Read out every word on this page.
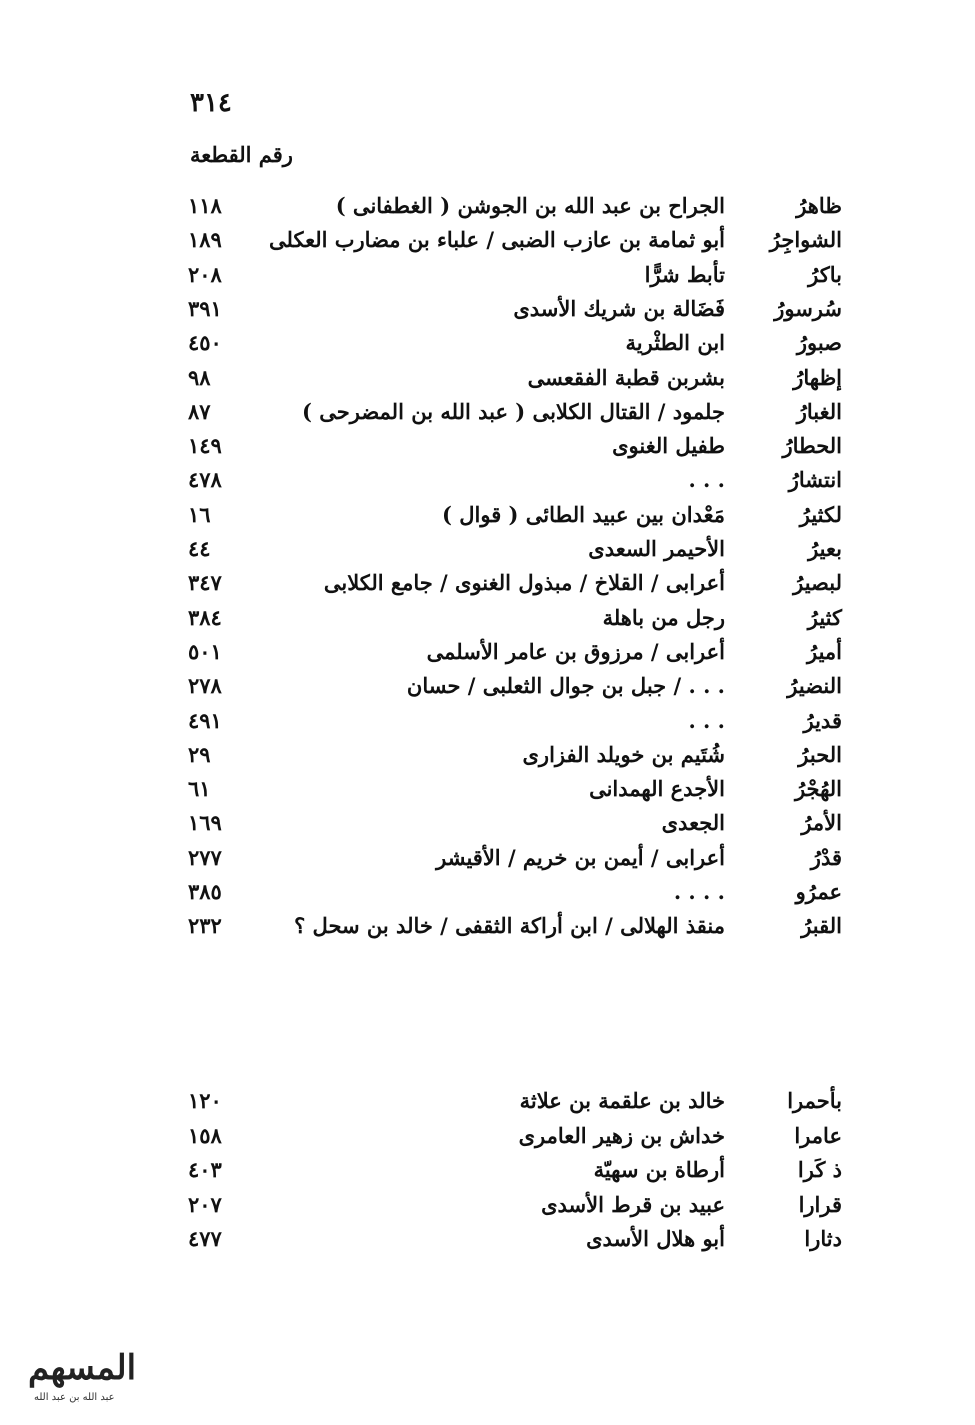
٣١٤
رقم القطعة
١١٨	الجراح بن عبد الله بن الجوشن ( الغطفانى )	ظاهرُ
١٨٩	أبو ثمامة بن عازب الضبى / علباء بن مضارب العكلى	الشواجِرُ
٢٠٨	تأبط شرًّا	باكرُ
٣٩١	فَضَالة بن شريك الأسدى	سُرسورُ
٤٥٠	ابن الطثْرية	صبورُ
٩٨	بشربن قطبة الفقعسى	إظهارُ
٨٧	جلمود / القتال الكلابى ( عبد الله بن المضرحى )	الغبارُ
١٤٩	طفيل الغنوى	الحطارُ
٤٧٨	. . .	انتشارُ
١٦	مَعْدان بين عبيد الطائى ( قوال )	لكثيرُ
٤٤	الأحيمر السعدى	بعيرُ
٣٤٧	أعرابى / القلاخ / مبذول الغنوى / جامع الكلابى	لبصيرُ
٣٨٤	رجل من باهلة	كثيرُ
٥٠١	أعرابى / مرزوق بن عامر الأسلمى	أميرُ
٢٧٨	. . . / جبل بن جوال الثعلبى / حسان	النضيرُ
٤٩١	. . .	قديرُ
٢٩	شُتَيم بن خويلد الفزارى	الحبرُ
٦١	الأجدع الهمدانى	الهُجْرُ
١٦٩	الجعدى	الأمرُ
٢٧٧	أعرابى / أيمن بن خريم / الأقيشر	قدْرُ
٣٨٥	. . . .	عمرُو
٢٣٢	منقذ الهلالى / ابن أراكة الثقفى / خالد بن سحل ؟	القبرُ
١٢٠	خالد بن علقمة بن علاثة	بأحمرا
١٥٨	خداش بن زهير العامرى	عامرا
٤٠٣	أرطاة بن سهيّة	ذ كَرا
٢٠٧	عبيد بن قرط الأسدى	قرارا
٤٧٧	أبو هلال الأسدى	دثارا
المسهم
عبد الله بن عبد الله
